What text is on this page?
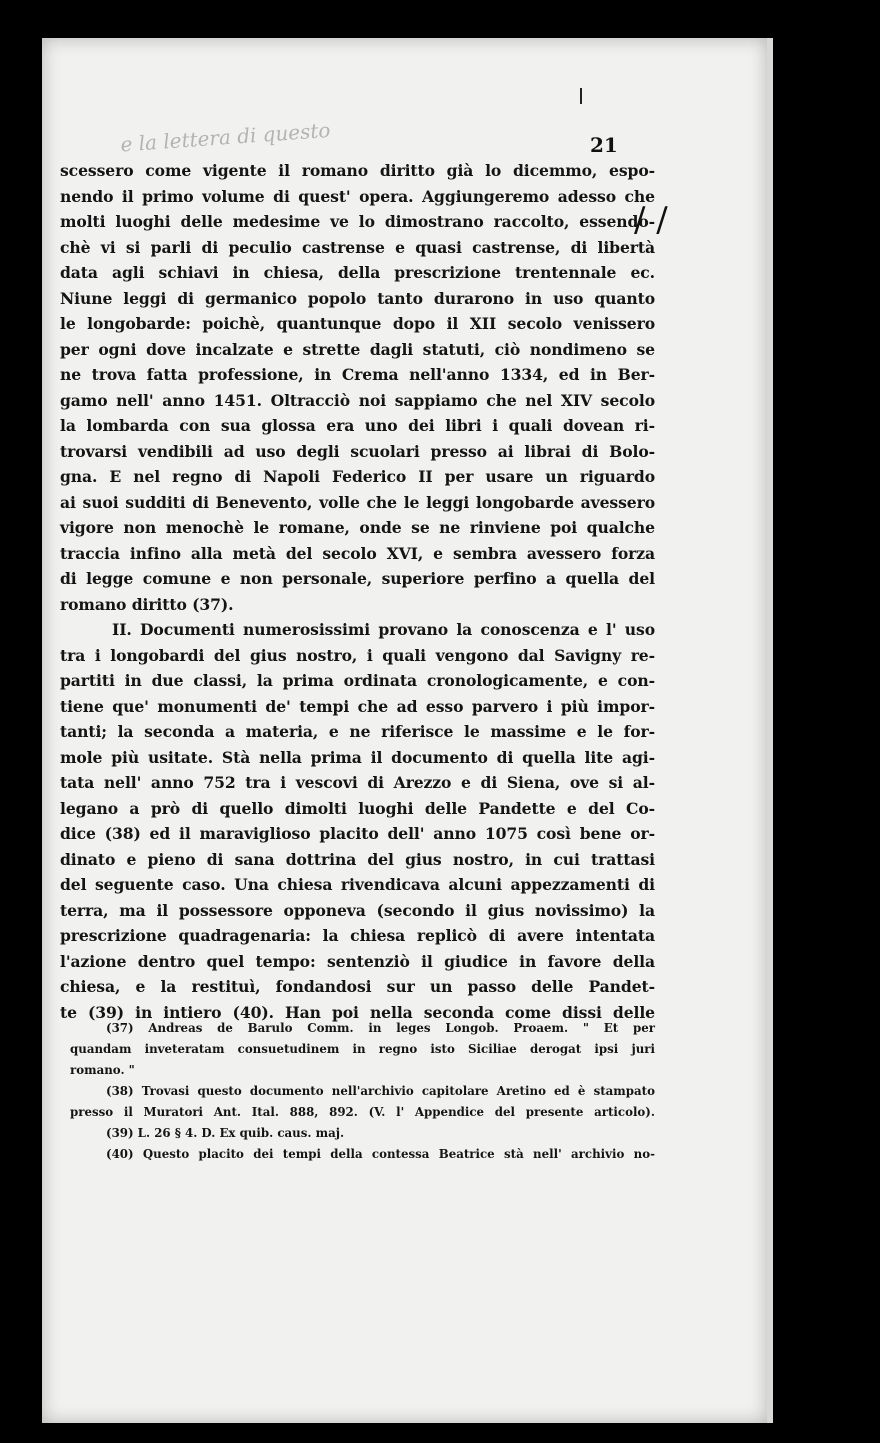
e la lettera di questo	21
/ /
scessero come vigente il romano diritto già lo dicemmo, espo-
nendo il primo volume di quest' opera. Aggiungeremo adesso che
molti luoghi delle medesime ve lo dimostrano raccolto, essendo-
chè vi si parli di peculio castrense e quasi castrense, di libertà
data agli schiavi in chiesa, della prescrizione trentennale ec.
Niune leggi di germanico popolo tanto durarono in uso quanto
le longobarde: poichè, quantunque dopo il XII secolo venissero
per ogni dove incalzate e strette dagli statuti, ciò nondimeno se
ne trova fatta professione, in Crema nell'anno 1334, ed in Ber-
gamo nell' anno 1451. Oltracciò noi sappiamo che nel XIV secolo
la lombarda con sua glossa era uno dei libri i quali dovean ri-
trovarsi vendibili ad uso degli scuolari presso ai librai di Bolo-
gna. E nel regno di Napoli Federico II per usare un riguardo
ai suoi sudditi di Benevento, volle che le leggi longobarde avessero
vigore non menochè le romane, onde se ne rinviene poi qualche
traccia infino alla metà del secolo XVI, e sembra avessero forza
di legge comune e non personale, superiore perfino a quella del
romano diritto (37).
II. Documenti numerosissimi provano la conoscenza e l' uso
tra i longobardi del gius nostro, i quali vengono dal Savigny re-
partiti in due classi, la prima ordinata cronologicamente, e con-
tiene que' monumenti de' tempi che ad esso parvero i più impor-
tanti; la seconda a materia, e ne riferisce le massime e le for-
mole più usitate. Stà nella prima il documento di quella lite agi-
tata nell' anno 752 tra i vescovi di Arezzo e di Siena, ove si al-
legano a prò di quello dimolti luoghi delle Pandette e del Co-
dice (38) ed il maraviglioso placito dell' anno 1075 così bene or-
dinato e pieno di sana dottrina del gius nostro, in cui trattasi
del seguente caso. Una chiesa rivendicava alcuni appezzamenti di
terra, ma il possessore opponeva (secondo il gius novissimo) la
prescrizione quadragenaria: la chiesa replicò di avere intentata
l'azione dentro quel tempo: sentenziò il giudice in favore della
chiesa, e la restituì, fondandosi sur un passo delle Pandet-
te (39) in intiero (40). Han poi nella seconda come dissi delle
(37) Andreas de Barulo Comm. in leges Longob. Proaem. " Et per
quandam inveteratam consuetudinem in regno isto Siciliae derogat ipsi juri
romano. "
(38) Trovasi questo documento nell'archivio capitolare Aretino ed è stampato
presso il Muratori Ant. Ital. 888, 892. (V. l' Appendice del presente articolo).
(39) L. 26 § 4. D. Ex quib. caus. maj.
(40) Questo placito dei tempi della contessa Beatrice stà nell' archivio no-
